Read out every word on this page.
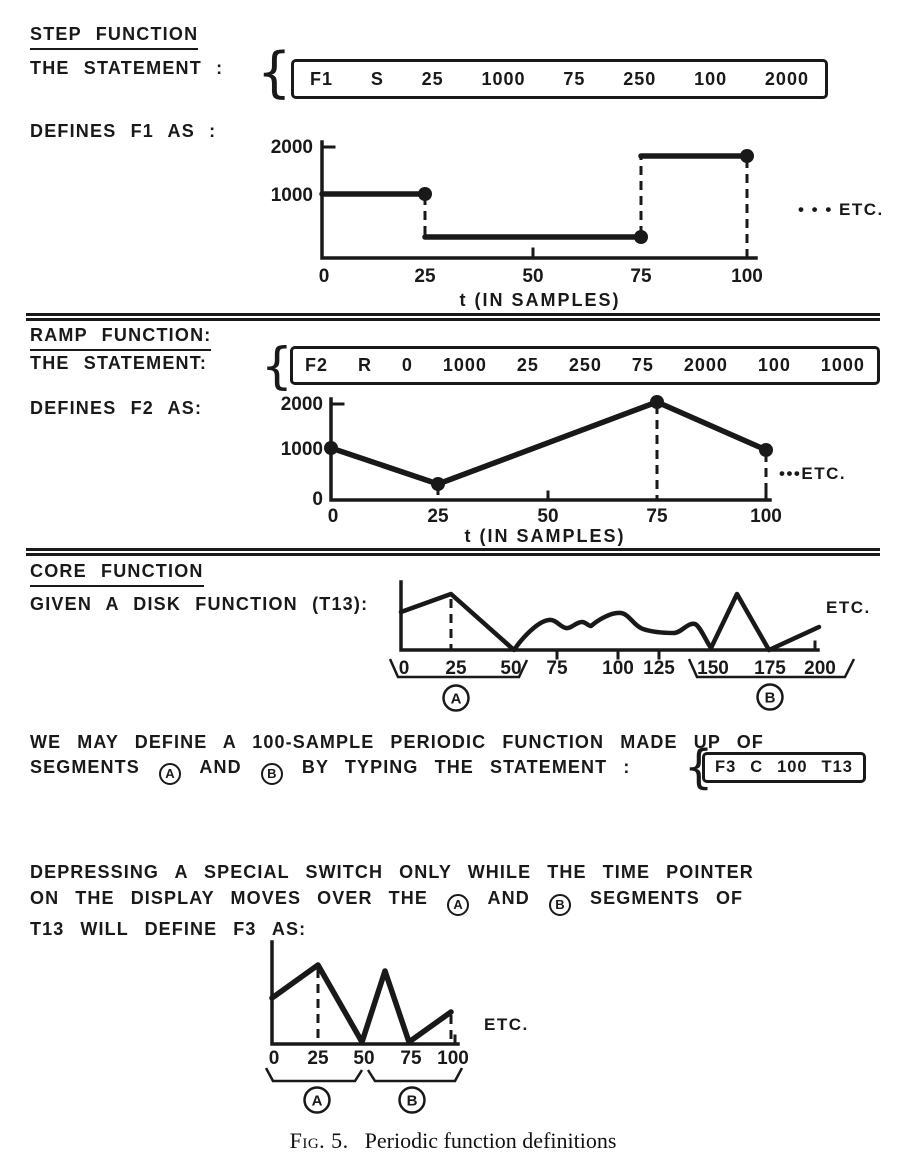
STEP FUNCTION
THE STATEMENT : { F1 S 25 1000 75 250 100 2000
DEFINES F1 AS :
RAMP FUNCTION:
THE STATEMENT: { F2 R 0 1000 25 250 75 2000 100 1000
DEFINES F2 AS:
CORE FUNCTION
GIVEN A DISK FUNCTION (T13):
WE MAY DEFINE A 100-SAMPLE PERIODIC FUNCTION MADE UP OF
SEGMENTS A AND B BY TYPING THE STATEMENT :	{ F3 C 100 T13
DEPRESSING A SPECIAL SWITCH ONLY WHILE THE TIME POINTER
ON THE DISPLAY MOVES OVER THE A AND B SEGMENTS OF
T13 WILL DEFINE F3 AS:
2000
1000
0	25	50	75	100
• • • ETC.
t (IN SAMPLES)
2000
1000
0
0	25	50	75	100
•••ETC.
t (IN SAMPLES)
0 25 50 75 100 125 150 175 200
ETC.
A	B
0 25 50 75 100
ETC.
A	B
Fig. 5. Periodic function definitions
